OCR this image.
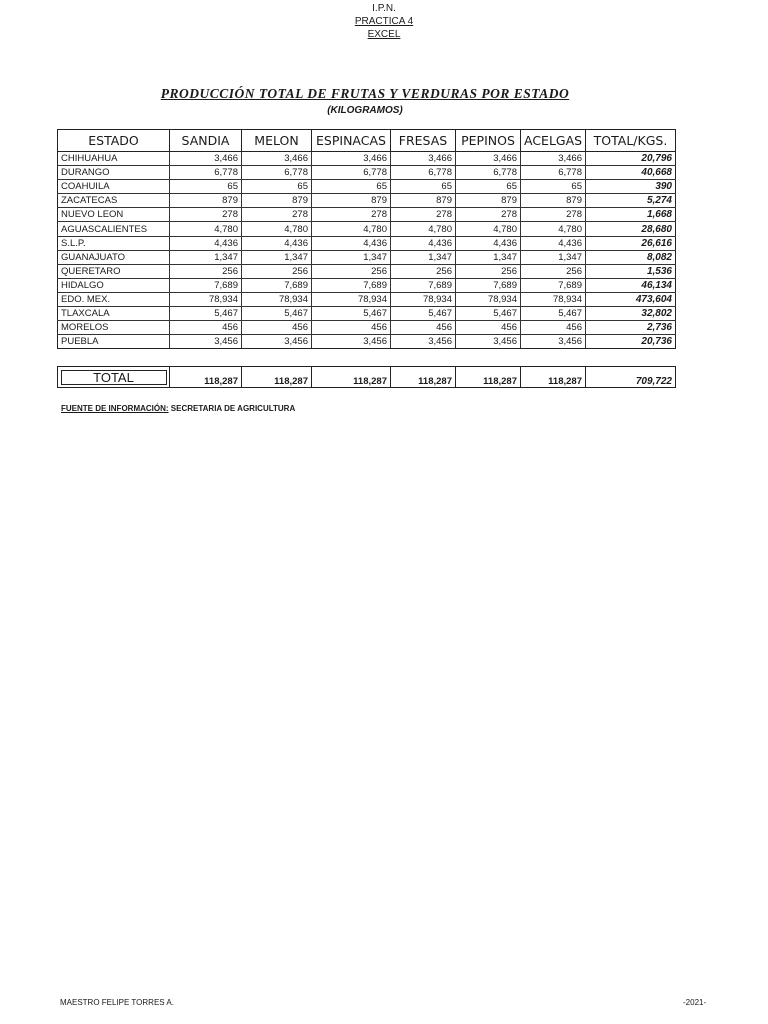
I.P.N.
PRACTICA 4
EXCEL
PRODUCCIÓN TOTAL DE FRUTAS Y VERDURAS POR ESTADO
(KILOGRAMOS)
ESTADO	SANDIA	MELON	ESPINACAS	FRESAS	PEPINOS	ACELGAS	TOTAL/KGS.
CHIHUAHUA	3,466	3,466	3,466	3,466	3,466	3,466	20,796
DURANGO	6,778	6,778	6,778	6,778	6,778	6,778	40,668
COAHUILA	65	65	65	65	65	65	390
ZACATECAS	879	879	879	879	879	879	5,274
NUEVO LEON	278	278	278	278	278	278	1,668
AGUASCALIENTES	4,780	4,780	4,780	4,780	4,780	4,780	28,680
S.L.P.	4,436	4,436	4,436	4,436	4,436	4,436	26,616
GUANAJUATO	1,347	1,347	1,347	1,347	1,347	1,347	8,082
QUERETARO	256	256	256	256	256	256	1,536
HIDALGO	7,689	7,689	7,689	7,689	7,689	7,689	46,134
EDO. MEX.	78,934	78,934	78,934	78,934	78,934	78,934	473,604
TLAXCALA	5,467	5,467	5,467	5,467	5,467	5,467	32,802
MORELOS	456	456	456	456	456	456	2,736
PUEBLA	3,456	3,456	3,456	3,456	3,456	3,456	20,736
TOTAL	118,287	118,287	118,287	118,287	118,287	118,287	709,722
FUENTE DE INFORMACIÓN: SECRETARIA DE AGRICULTURA
MAESTRO FELIPE TORRES A.	-2021-
